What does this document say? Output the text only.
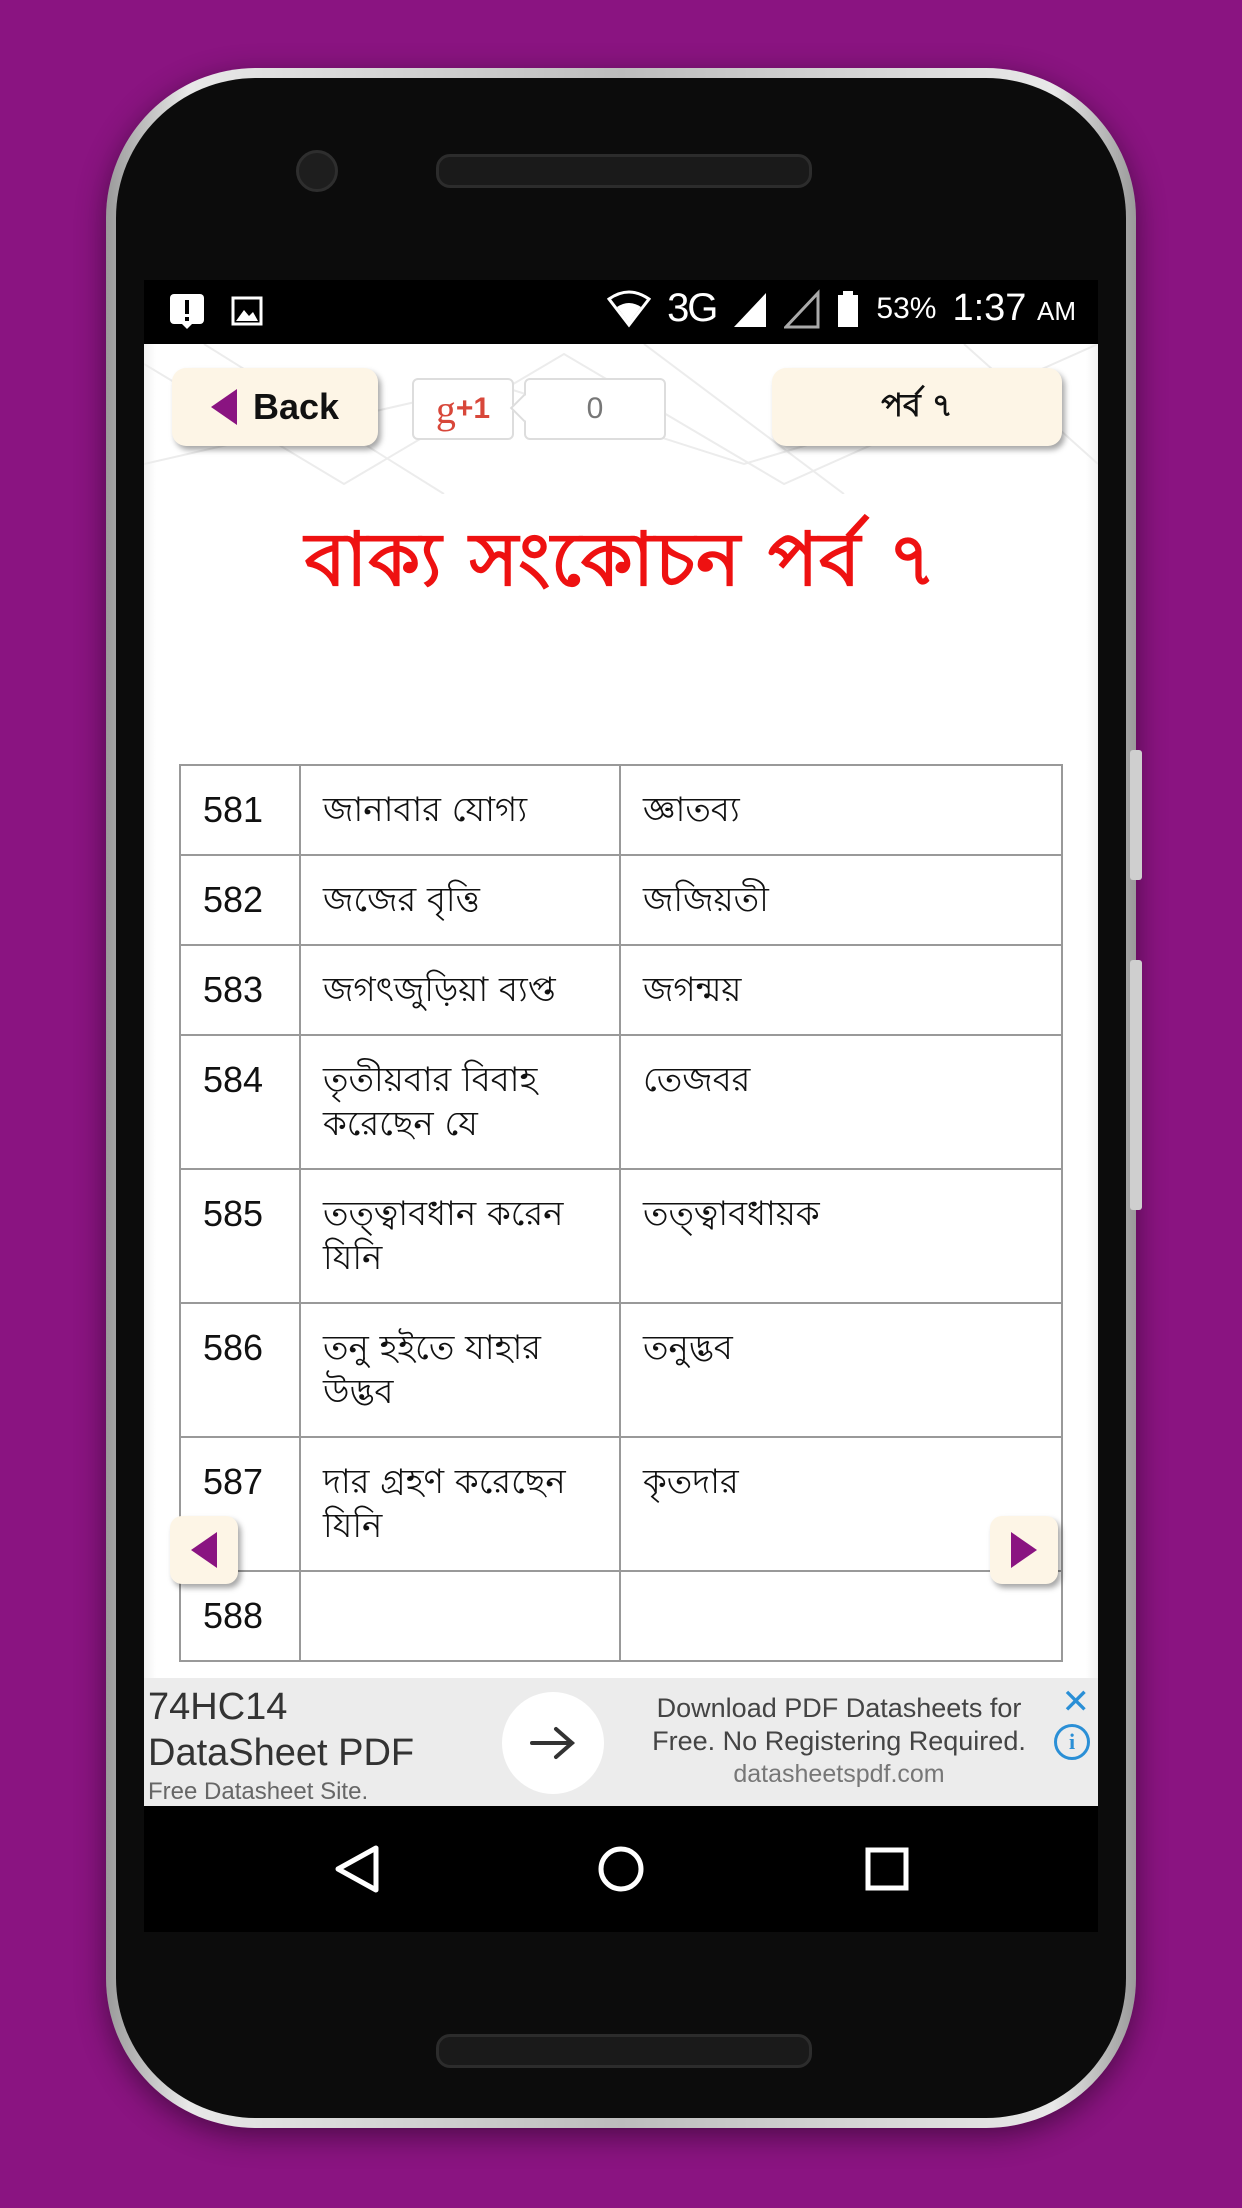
3G	53% 1:37 AM
Back	g +1	0	পর্ব ৭
বাক্য সংকোচন পর্ব ৭
581	জানাবার যোগ্য	জ্ঞাতব্য
582	জজের বৃত্তি	জজিয়তী
583	জগৎজুড়িয়া ব্যপ্ত	জগন্ময়
584	তৃতীয়বার বিবাহ করেছেন যে	তেজবর
585	তত্ত্বাবধান করেন যিনি	তত্ত্বাবধায়ক
586	তনু হইতে যাহার উদ্ভব	তনুদ্ভব
587	দার গ্রহণ করেছেন যিনি	কৃতদার
588		
74HC14
DataSheet PDF
Free Datasheet Site.
Download PDF Datasheets for Free. No Registering Required.
datasheetspdf.com
✕
i
